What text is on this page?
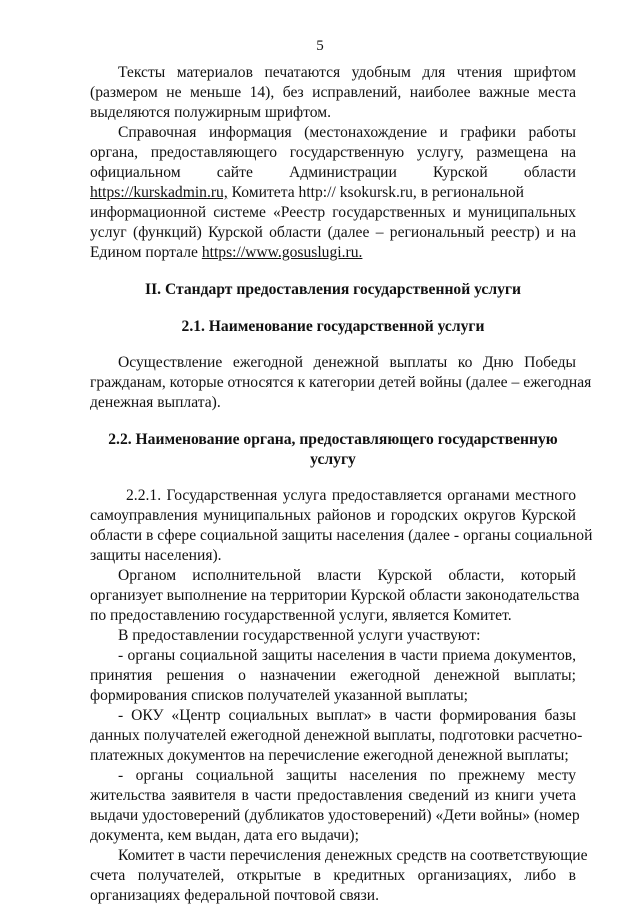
5
Тексты материалов печатаются удобным для чтения шрифтом
(размером не меньше 14), без исправлений, наиболее важные места
выделяются полужирным шрифтом.
Справочная информация (местонахождение и графики работы
органа, предоставляющего государственную услугу, размещена на
официальном сайте Администрации Курской области
https://kurskadmin.ru, Комитета http:// ksokursk.ru, в региональной
информационной системе «Реестр государственных и муниципальных
услуг (функций) Курской области (далее – региональный реестр) и на
Едином портале https://www.gosuslugi.ru.
II. Стандарт предоставления государственной услуги
2.1. Наименование государственной услуги
Осуществление ежегодной денежной выплаты ко Дню Победы
гражданам, которые относятся к категории детей войны (далее – ежегодная
денежная выплата).
2.2. Наименование органа, предоставляющего государственную
услугу
2.2.1. Государственная услуга предоставляется органами местного
самоуправления муниципальных районов и городских округов Курской
области в сфере социальной защиты населения (далее - органы социальной
защиты населения).
Органом исполнительной власти Курской области, который
организует выполнение на территории Курской области законодательства
по предоставлению государственной услуги, является Комитет.
В предоставлении государственной услуги участвуют:
- органы социальной защиты населения в части приема документов,
принятия решения о назначении ежегодной денежной выплаты;
формирования списков получателей указанной выплаты;
- ОКУ «Центр социальных выплат» в части формирования базы
данных получателей ежегодной денежной выплаты, подготовки расчетно-
платежных документов на перечисление ежегодной денежной выплаты;
- органы социальной защиты населения по прежнему месту
жительства заявителя в части предоставления сведений из книги учета
выдачи удостоверений (дубликатов удостоверений) «Дети войны» (номер
документа, кем выдан, дата его выдачи);
Комитет в части перечисления денежных средств на соответствующие
счета получателей, открытые в кредитных организациях, либо в
организациях федеральной почтовой связи.
